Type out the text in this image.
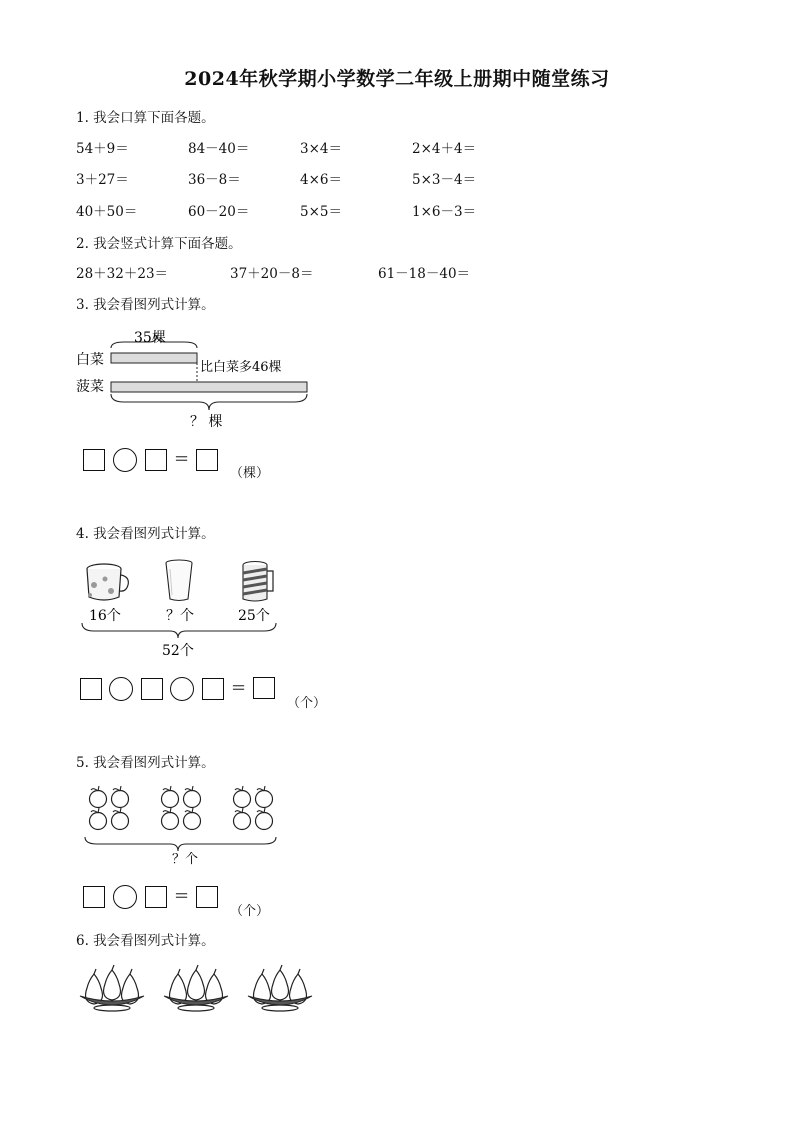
2024年秋学期小学数学二年级上册期中随堂练习
1. 我会口算下面各题。
54＋9＝	84－40＝	3×4＝	2×4＋4＝
3＋27＝	36－8＝	4×6＝	5×3－4＝
40＋50＝	60－20＝	5×5＝	1×6－3＝
2. 我会竖式计算下面各题。
28＋32＋23＝	37＋20－8＝	61－18－40＝
3. 我会看图列式计算。
35棵
白菜
菠菜
比白菜多46棵
？ 棵
=
（棵）
4. 我会看图列式计算。
16个	？个	25个
52个
=
（个）
5. 我会看图列式计算。
？个
=
（个）
6. 我会看图列式计算。
